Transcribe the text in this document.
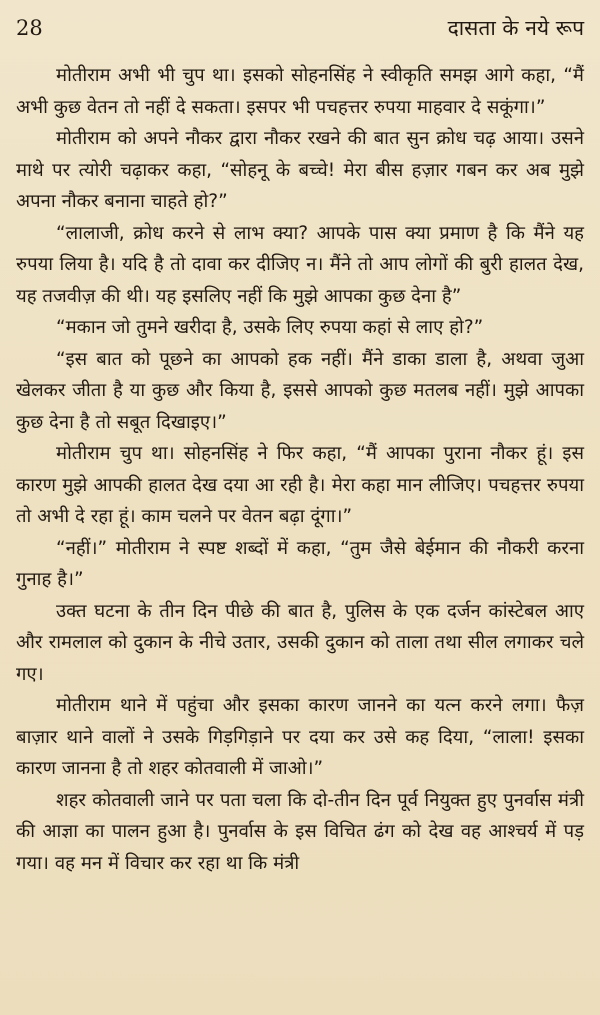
28	दासता के नये रूप

मोतीराम अभी भी चुप था। इसको सोहनसिंह ने स्वीकृति समझ आगे कहा, “मैं अभी कुछ वेतन तो नहीं दे सकता। इसपर भी पचहत्तर रुपया माहवार दे सकूंगा।”

मोतीराम को अपने नौकर द्वारा नौकर रखने की बात सुन क्रोध चढ़ आया। उसने माथे पर त्योरी चढ़ाकर कहा, “सोहनू के बच्चे! मेरा बीस हज़ार गबन कर अब मुझे अपना नौकर बनाना चाहते हो?”

“लालाजी, क्रोध करने से लाभ क्या? आपके पास क्या प्रमाण है कि मैंने यह रुपया लिया है। यदि है तो दावा कर दीजिए न। मैंने तो आप लोगों की बुरी हालत देख, यह तजवीज़ की थी। यह इसलिए नहीं कि मुझे आपका कुछ देना है”

“मकान जो तुमने खरीदा है, उसके लिए रुपया कहां से लाए हो?”

“इस बात को पूछने का आपको हक नहीं। मैंने डाका डाला है, अथवा जुआ खेलकर जीता है या कुछ और किया है, इससे आपको कुछ मतलब नहीं। मुझे आपका कुछ देना है तो सबूत दिखाइए।”

मोतीराम चुप था। सोहनसिंह ने फिर कहा, “मैं आपका पुराना नौकर हूं। इस कारण मुझे आपकी हालत देख दया आ रही है। मेरा कहा मान लीजिए। पचहत्तर रुपया तो अभी दे रहा हूं। काम चलने पर वेतन बढ़ा दूंगा।”

“नहीं।” मोतीराम ने स्पष्ट शब्दों में कहा, “तुम जैसे बेईमान की नौकरी करना गुनाह है।”

उक्त घटना के तीन दिन पीछे की बात है, पुलिस के एक दर्जन कांस्टेबल आए और रामलाल को दुकान के नीचे उतार, उसकी दुकान को ताला तथा सील लगाकर चले गए।

मोतीराम थाने में पहुंचा और इसका कारण जानने का यत्न करने लगा। फैज़ बाज़ार थाने वालों ने उसके गिड़गिड़ाने पर दया कर उसे कह दिया, “लाला! इसका कारण जानना है तो शहर कोतवाली में जाओ।”

शहर कोतवाली जाने पर पता चला कि दो-तीन दिन पूर्व नियुक्त हुए पुनर्वास मंत्री की आज्ञा का पालन हुआ है। पुनर्वास के इस विचित ढंग को देख वह आश्चर्य में पड़ गया। वह मन में विचार कर रहा था कि मंत्री
